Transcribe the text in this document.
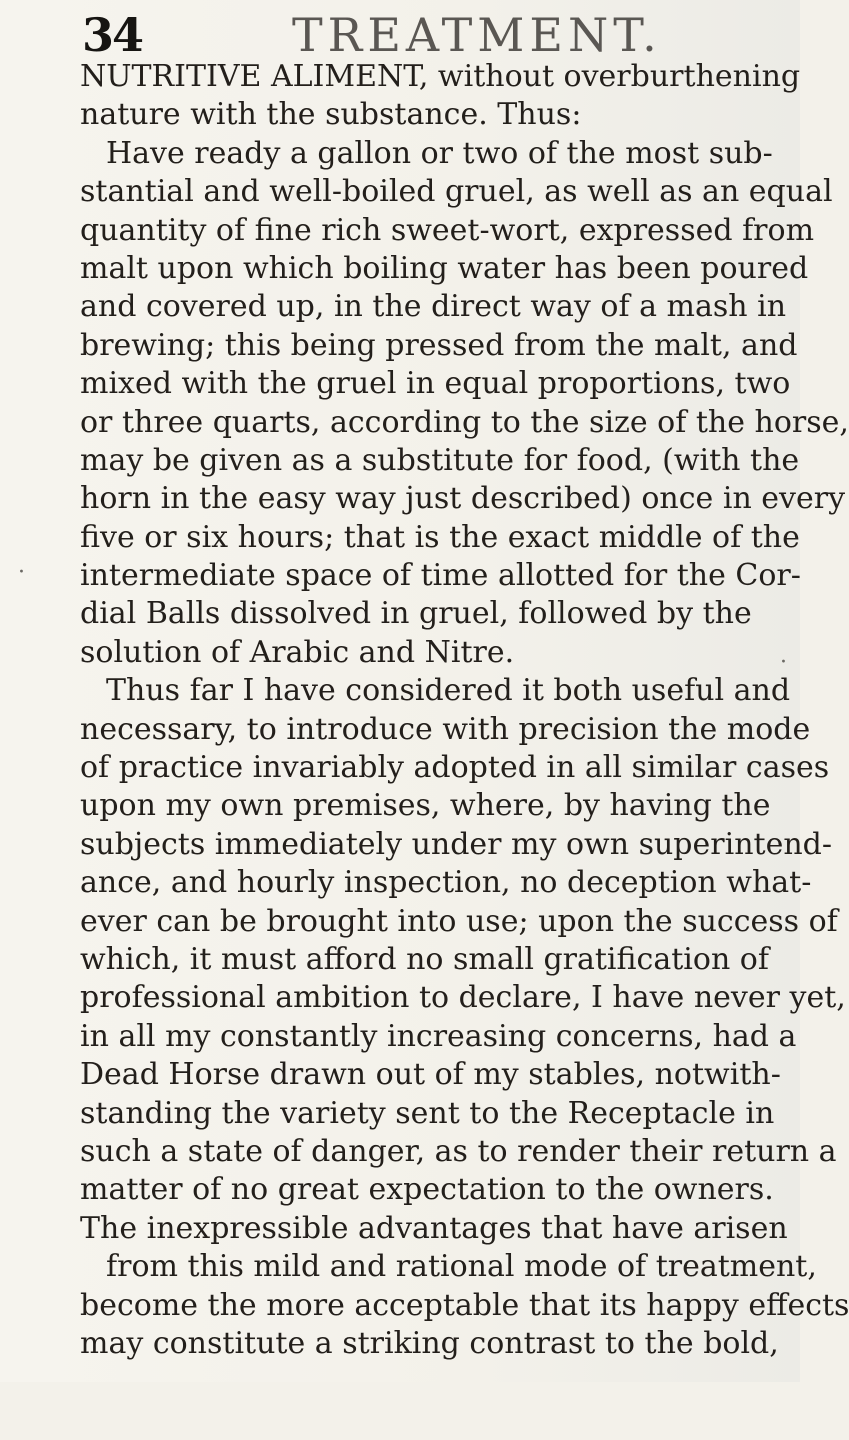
34	TREATMENT.
NUTRITIVE ALIMENT, without overburthening
nature with the substance. Thus:
Have ready a gallon or two of the most sub-
stantial and well-boiled gruel, as well as an equal
quantity of fine rich sweet-wort, expressed from
malt upon which boiling water has been poured
and covered up, in the direct way of a mash in
brewing; this being pressed from the malt, and
mixed with the gruel in equal proportions, two
or three quarts, according to the size of the horse,
may be given as a substitute for food, (with the
horn in the easy way just described) once in every
five or six hours; that is the exact middle of the
intermediate space of time allotted for the Cor-
dial Balls dissolved in gruel, followed by the
solution of Arabic and Nitre.
Thus far I have considered it both useful and
necessary, to introduce with precision the mode
of practice invariably adopted in all similar cases
upon my own premises, where, by having the
subjects immediately under my own superintend-
ance, and hourly inspection, no deception what-
ever can be brought into use; upon the success of
which, it must afford no small gratification of
professional ambition to declare, I have never yet,
in all my constantly increasing concerns, had a
Dead Horse drawn out of my stables, notwith-
standing the variety sent to the Receptacle in
such a state of danger, as to render their return a
matter of no great expectation to the owners.
The inexpressible advantages that have arisen
from this mild and rational mode of treatment,
become the more acceptable that its happy effects
may constitute a striking contrast to the bold,
·
·
